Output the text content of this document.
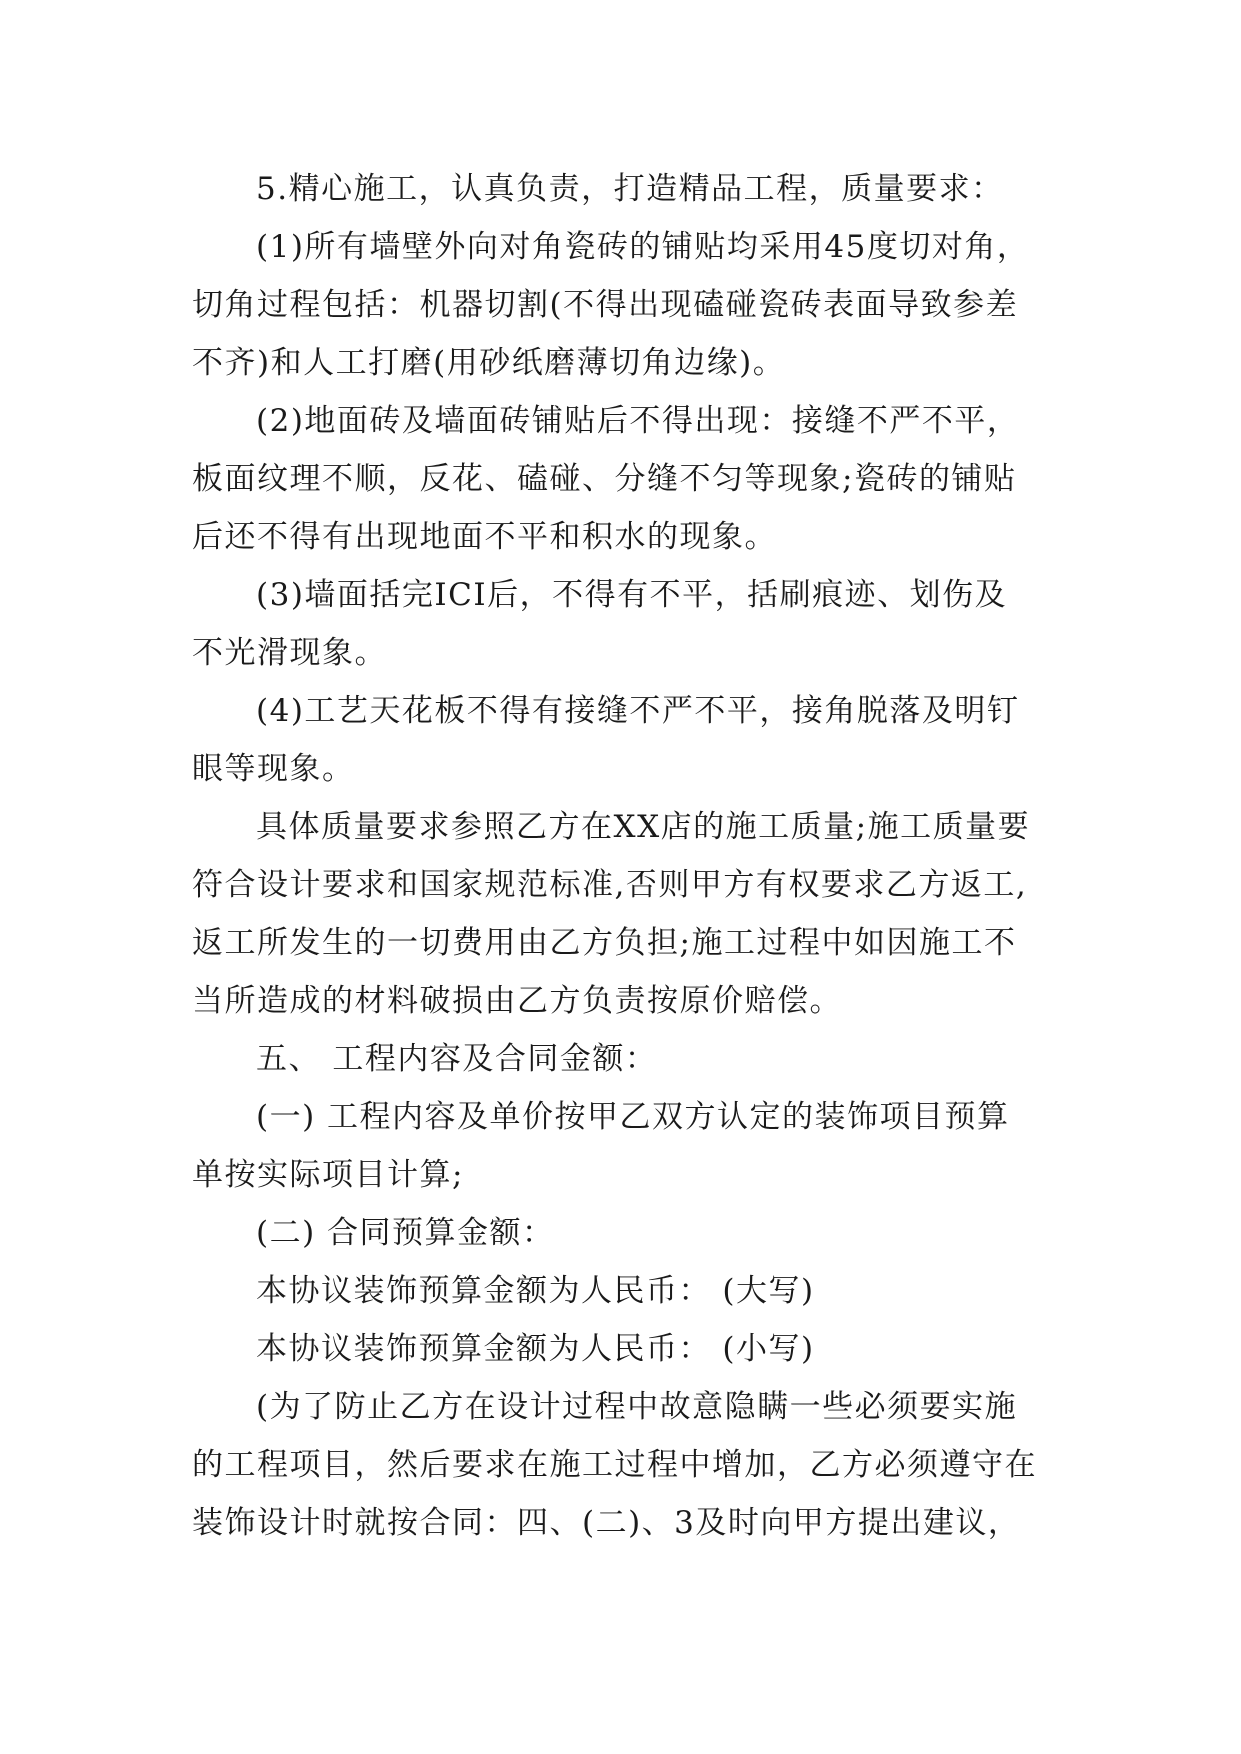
5.精心施工，认真负责，打造精品工程，质量要求：
(1)所有墙壁外向对角瓷砖的铺贴均采用45度切对角，
切角过程包括：机器切割(不得出现磕碰瓷砖表面导致参差
不齐)和人工打磨(用砂纸磨薄切角边缘)。
(2)地面砖及墙面砖铺贴后不得出现：接缝不严不平，
板面纹理不顺，反花、磕碰、分缝不匀等现象;瓷砖的铺贴
后还不得有出现地面不平和积水的现象。
(3)墙面括完ICI后，不得有不平，括刷痕迹、划伤及
不光滑现象。
(4)工艺天花板不得有接缝不严不平，接角脱落及明钉
眼等现象。
具体质量要求参照乙方在XX店的施工质量;施工质量要
符合设计要求和国家规范标准,否则甲方有权要求乙方返工,
返工所发生的一切费用由乙方负担;施工过程中如因施工不
当所造成的材料破损由乙方负责按原价赔偿。
五、 工程内容及合同金额：
(一) 工程内容及单价按甲乙双方认定的装饰项目预算
单按实际项目计算;
(二) 合同预算金额：
本协议装饰预算金额为人民币： (大写)
本协议装饰预算金额为人民币： (小写)
(为了防止乙方在设计过程中故意隐瞒一些必须要实施
的工程项目，然后要求在施工过程中增加，乙方必须遵守在
装饰设计时就按合同：四、(二)、3及时向甲方提出建议，
